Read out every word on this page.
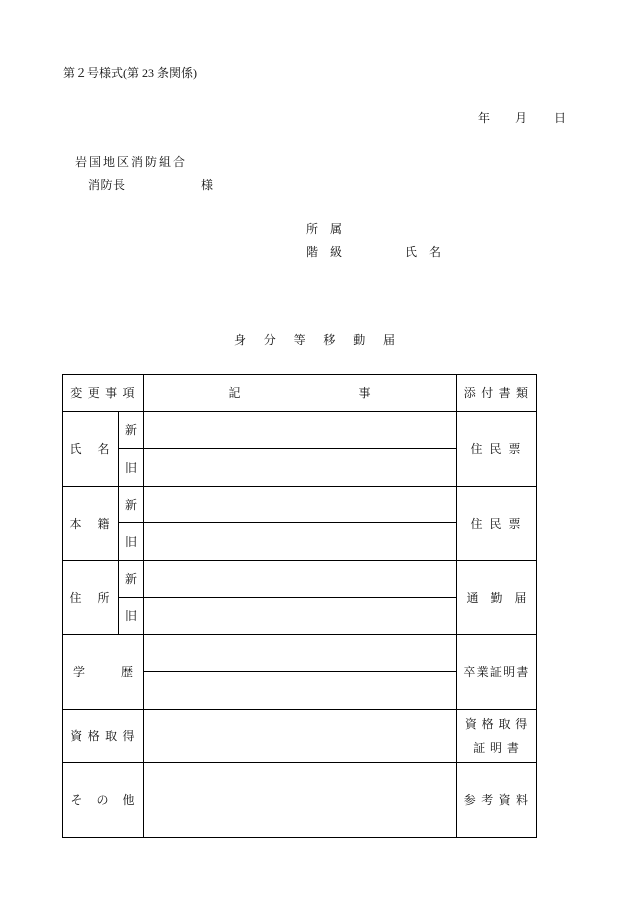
第２号様式(第 23 条関係)
年 月 日
岩国地区消防組合
消防長	様
所　属
階　級	氏　名
身　分　等　移　動　届
変 更 事 項		記　　　　　　　　　事	添 付 書 類
氏　名	新		住 民 票
	旧		
本　籍	新		住 民 票
	旧		
住　所	新		通　勤　届
	旧		
学　　　歴			卒業証明書

資 格 取 得			資 格 取 得
証 明 書

そ　の　他			参 考 資 料
